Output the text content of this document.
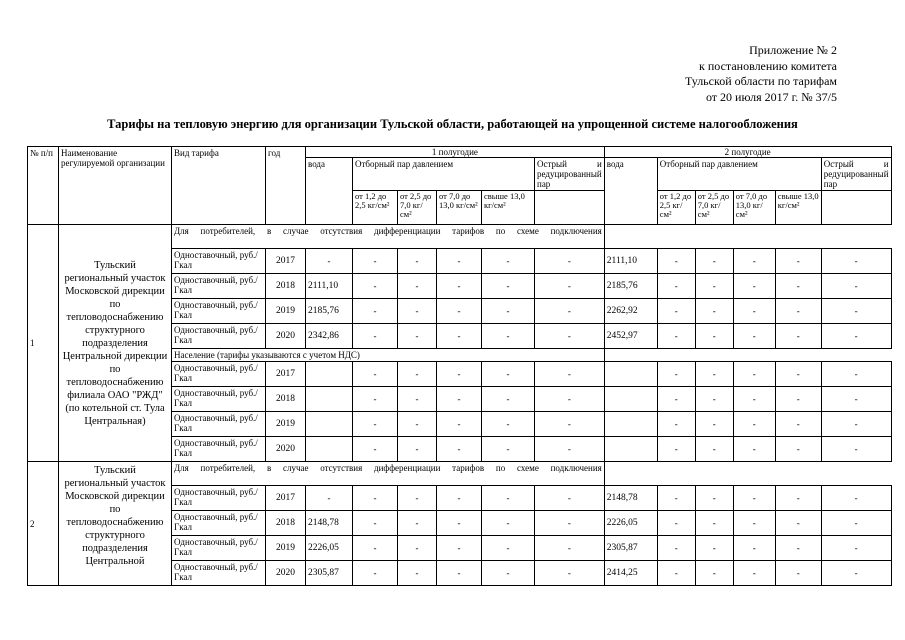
Приложение № 2
к постановлению комитета
Тульской области по тарифам
от 20 июля 2017 г. № 37/5
Тарифы на тепловую энергию для организации Тульской области, работающей на упрощенной системе налогообложения
№ п/п	Наименование регулируемой организации	Вид тарифа	год	1 полугодие						2 полугодие					
				вода	Отборный пар давлением				Острый и редуцированный пар	вода	Отборный пар давлением				Острый и редуцированный пар
					от 1,2 до 2,5 кг/см²	от 2,5 до 7,0 кг/см²	от 7,0 до 13,0 кг/см²	свыше 13,0 кг/см²			от 1,2 до 2,5 кг/см²	от 2,5 до 7,0 кг/см²	от 7,0 до 13,0 кг/см²	свыше 13,0 кг/см²	
1	Тульский региональный участок Московской дирекции по тепловодоснабжению структурного подразделения Центральной дирекции по тепловодоснабжению филиала ОАО "РЖД" (по котельной ст. Тула Центральная)	Для потребителей, в случае отсутствия дифференциации тарифов по схеме подключения													
		Одноставочный, руб./Гкал	2017	-	-	-	-	-	-	2111,10	-	-	-	-	-
		Одноставочный, руб./Гкал	2018	2111,10	-	-	-	-	-	2185,76	-	-	-	-	-
		Одноставочный, руб./Гкал	2019	2185,76	-	-	-	-	-	2262,92	-	-	-	-	-
		Одноставочный, руб./Гкал	2020	2342,86	-	-	-	-	-	2452,97	-	-	-	-	-
		Население (тарифы указываются с учетом НДС)													
		Одноставочный, руб./Гкал	2017		-	-	-	-	-		-	-	-	-	-
		Одноставочный, руб./Гкал	2018		-	-	-	-	-		-	-	-	-	-
		Одноставочный, руб./Гкал	2019		-	-	-	-	-		-	-	-	-	-
		Одноставочный, руб./Гкал	2020		-	-	-	-	-		-	-	-	-	-
2	Тульский региональный участок Московской дирекции по тепловодоснабжению структурного подразделения Центральной	Для потребителей, в случае отсутствия дифференциации тарифов по схеме подключения													
		Одноставочный, руб./Гкал	2017	-	-	-	-	-	-	2148,78	-	-	-	-	-
		Одноставочный, руб./Гкал	2018	2148,78	-	-	-	-	-	2226,05	-	-	-	-	-
		Одноставочный, руб./Гкал	2019	2226,05	-	-	-	-	-	2305,87	-	-	-	-	-
		Одноставочный, руб./Гкал	2020	2305,87	-	-	-	-	-	2414,25	-	-	-	-	-
